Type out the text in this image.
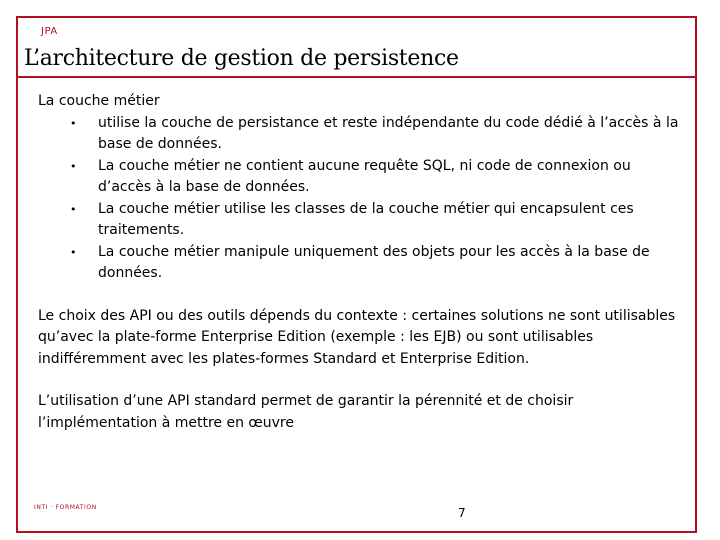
JPA
L’architecture de gestion de persistence

La couche métier

• utilise la couche de persistance et reste indépendante du code dédié à l’accès à la base de données.
• La couche métier ne contient aucune requête SQL, ni code de connexion ou d’accès à la base de données.
• La couche métier utilise les classes de la couche métier qui encapsulent ces traitements.
• La couche métier manipule uniquement des objets pour les accès à la base de données.

Le choix des API ou des outils dépends du contexte : certaines solutions ne sont utilisables qu’avec la plate-forme Enterprise Edition (exemple : les EJB) ou sont utilisables indifféremment avec les plates-formes Standard et Enterprise Edition.

L’utilisation d’une API standard permet de garantir la pérennité et de choisir l’implémentation à mettre en œuvre

INTI · FORMATION	7
